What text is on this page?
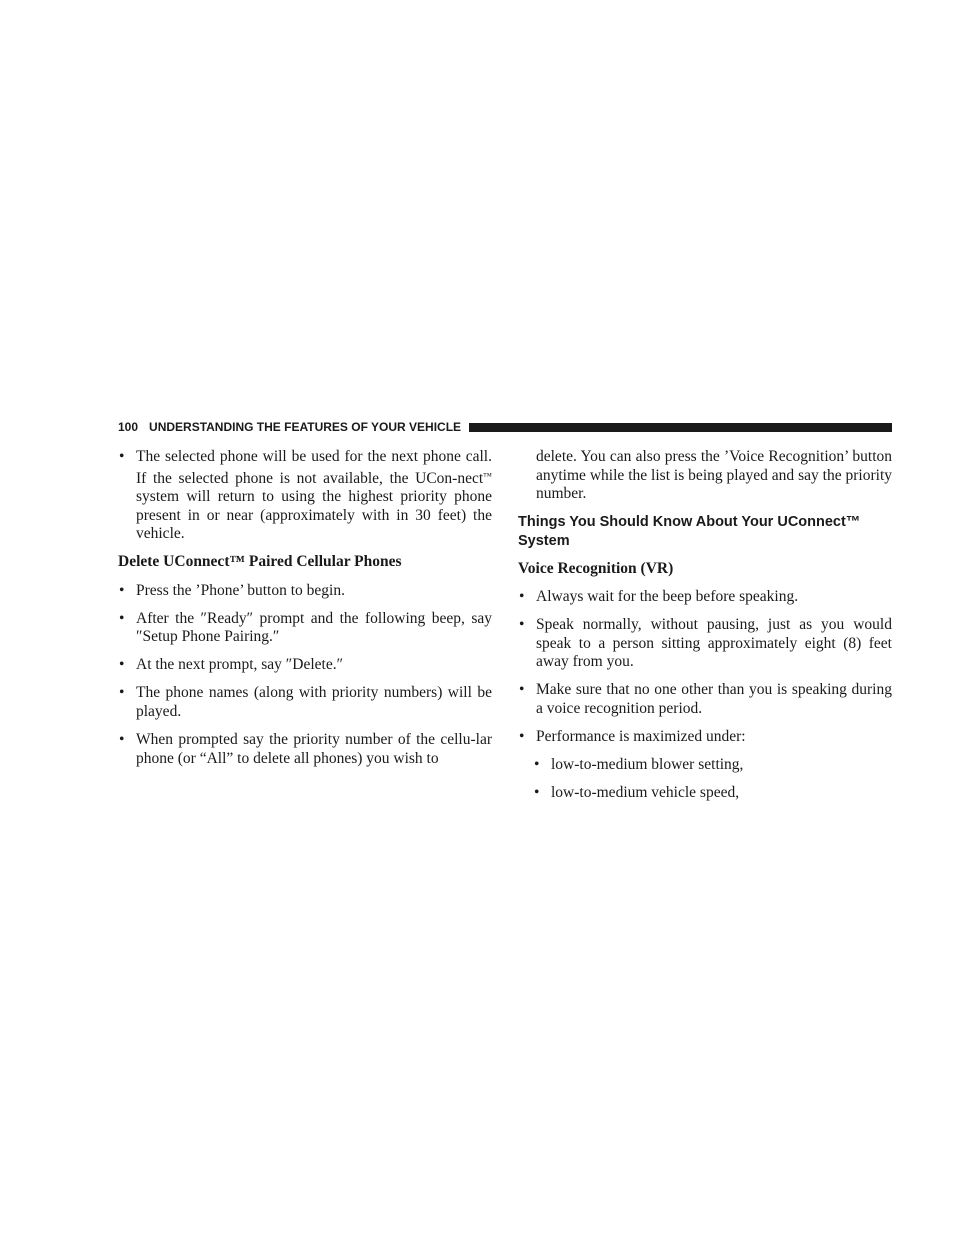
100 UNDERSTANDING THE FEATURES OF YOUR VEHICLE
• The selected phone will be used for the next phone call. If the selected phone is not available, the UCon-nect™ system will return to using the highest priority phone present in or near (approximately with in 30 feet) the vehicle.
Delete UConnect™ Paired Cellular Phones
• Press the ’Phone’ button to begin.
• After the ″Ready″ prompt and the following beep, say ″Setup Phone Pairing.″
• At the next prompt, say ″Delete.″
• The phone names (along with priority numbers) will be played.
• When prompted say the priority number of the cellu-lar phone (or “All” to delete all phones) you wish to
delete. You can also press the ’Voice Recognition’ button anytime while the list is being played and say the priority number.
Things You Should Know About Your UConnect™ System
Voice Recognition (VR)
• Always wait for the beep before speaking.
• Speak normally, without pausing, just as you would speak to a person sitting approximately eight (8) feet away from you.
• Make sure that no one other than you is speaking during a voice recognition period.
• Performance is maximized under:
• low-to-medium blower setting,
• low-to-medium vehicle speed,
